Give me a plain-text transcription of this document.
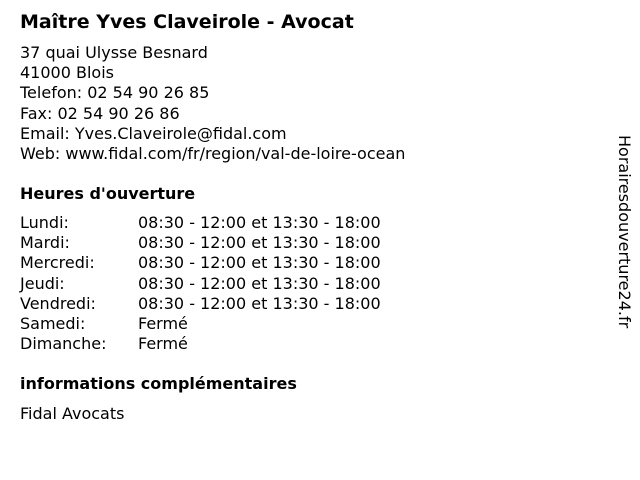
Maître Yves Claveirole - Avocat
37 quai Ulysse Besnard
41000 Blois
Telefon: 02 54 90 26 85
Fax: 02 54 90 26 86
Email: Yves.Claveirole@fidal.com
Web: www.fidal.com/fr/region/val-de-loire-ocean
Heures d'ouverture
Lundi:	08:30 - 12:00 et 13:30 - 18:00
Mardi:	08:30 - 12:00 et 13:30 - 18:00
Mercredi:	08:30 - 12:00 et 13:30 - 18:00
Jeudi:	08:30 - 12:00 et 13:30 - 18:00
Vendredi:	08:30 - 12:00 et 13:30 - 18:00
Samedi:	Fermé
Dimanche: Fermé
informations complémentaires
Fidal Avocats
Horairesdouverture24.fr
